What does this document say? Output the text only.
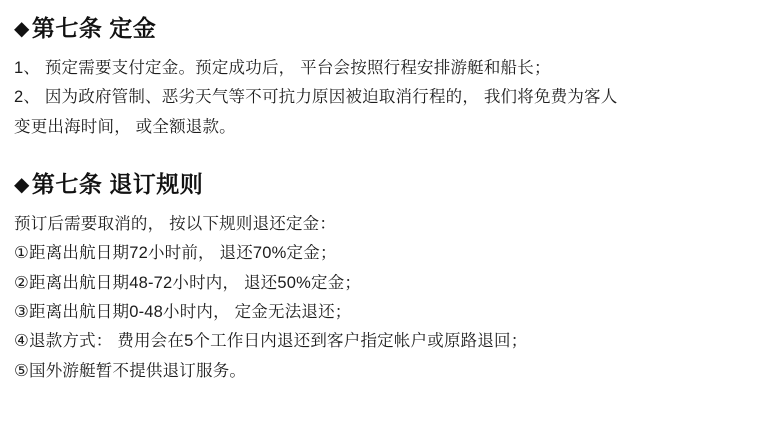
◆ 第七条 定金

1、 预定需要支付定金。预定成功后， 平台会按照行程安排游艇和船长；

2、 因为政府管制、恶劣天气等不可抗力原因被迫取消行程的， 我们将免费为客人

变更出海时间， 或全额退款。

◆ 第七条 退订规则

预订后需要取消的， 按以下规则退还定金：

①距离出航日期72小时前， 退还70%定金；

②距离出航日期48-72小时内， 退还50%定金；

③距离出航日期0-48小时内， 定金无法退还；

④退款方式： 费用会在5个工作日内退还到客户指定帐户或原路退回；

⑤国外游艇暂不提供退订服务。
